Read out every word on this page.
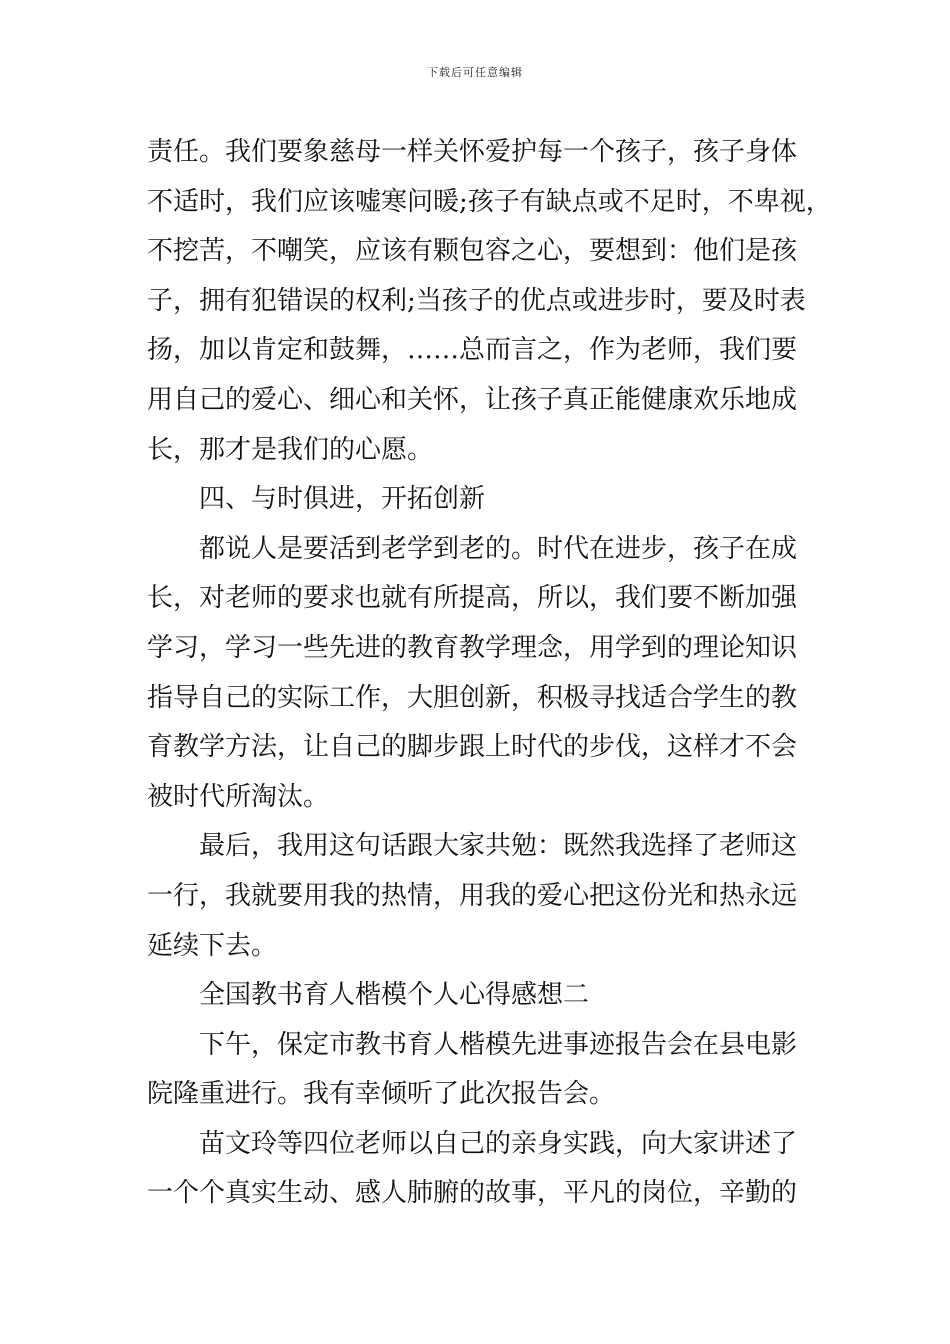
下载后可任意编辑
责任。我们要象慈母一样关怀爱护每一个孩子，孩子身体
不适时，我们应该嘘寒问暖;孩子有缺点或不足时，不卑视，
不挖苦，不嘲笑，应该有颗包容之心，要想到：他们是孩
子，拥有犯错误的权利;当孩子的优点或进步时，要及时表
扬，加以肯定和鼓舞，……总而言之，作为老师，我们要
用自己的爱心、细心和关怀，让孩子真正能健康欢乐地成
长，那才是我们的心愿。
四、与时俱进，开拓创新
都说人是要活到老学到老的。时代在进步，孩子在成
长，对老师的要求也就有所提高，所以，我们要不断加强
学习，学习一些先进的教育教学理念，用学到的理论知识
指导自己的实际工作，大胆创新，积极寻找适合学生的教
育教学方法，让自己的脚步跟上时代的步伐，这样才不会
被时代所淘汰。
最后，我用这句话跟大家共勉：既然我选择了老师这
一行，我就要用我的热情，用我的爱心把这份光和热永远
延续下去。
全国教书育人楷模个人心得感想二
下午，保定市教书育人楷模先进事迹报告会在县电影
院隆重进行。我有幸倾听了此次报告会。
苗文玲等四位老师以自己的亲身实践，向大家讲述了
一个个真实生动、感人肺腑的故事，平凡的岗位，辛勤的
